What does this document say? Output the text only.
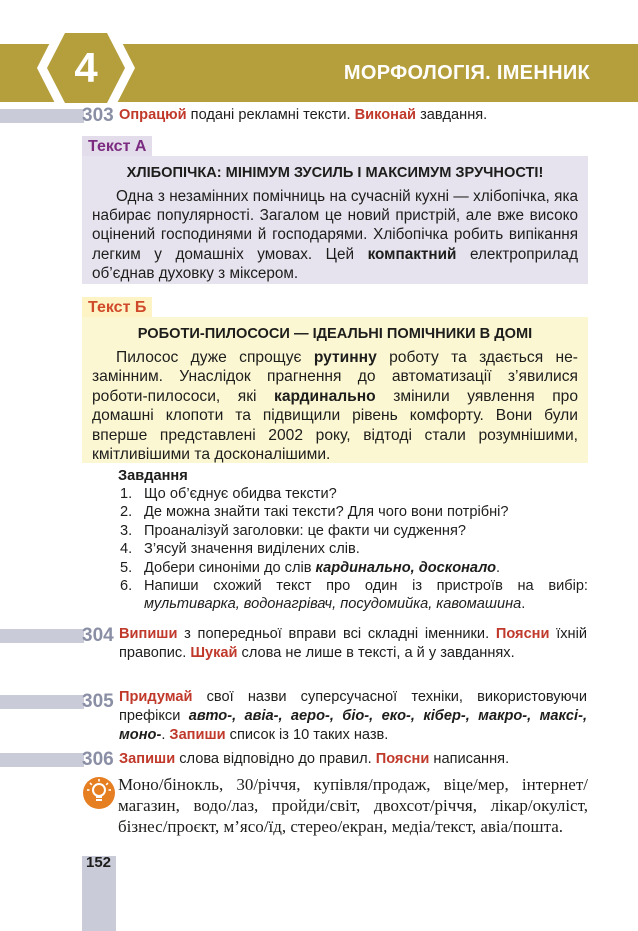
4	МОРФОЛОГІЯ. ІМЕННИК
303 Опрацюй подані рекламні тексти. Виконай завдання.
Текст А
ХЛІБОПІЧКА: МІНІМУМ ЗУСИЛЬ І МАКСИМУМ ЗРУЧНОСТІ!
Одна з незамінних помічниць на сучасній кухні — хлібопічка, яка набирає популярності. Загалом це новий пристрій, але вже високо оцінений господинями й господарями. Хлібопічка робить випікання легким у домашніх умовах. Цей компактний електроприлад об’єднав духовку з міксером.
Текст Б
РОБОТИ-ПИЛОСОСИ — ІДЕАЛЬНІ ПОМІЧНИКИ В ДОМІ
Пилосос дуже спрощує рутинну роботу та здається незамінним. Унаслідок прагнення до автоматизації з’явилися роботи-пилососи, які кардинально змінили уявлення про домашні клопоти та підвищили рівень комфорту. Вони були вперше представлені 2002 року, відтоді стали розумнішими, кмітливішими та досконалішими.
Завдання
1. Що об’єднує обидва тексти?
2. Де можна знайти такі тексти? Для чого вони потрібні?
3. Проаналізуй заголовки: це факти чи судження?
4. З’ясуй значення виділених слів.
5. Добери синоніми до слів кардинально, досконало.
6. Напиши схожий текст про один із пристроїв на вибір: мультиварка, водонагрівач, посудомийка, кавомашина.
304 Випиши з попередньої вправи всі складні іменники. Поясни їхній правопис. Шукай слова не лише в тексті, а й у завданнях.
305 Придумай свої назви суперсучасної техніки, використовуючи префікси авто-, авіа-, аеро-, біо-, еко-, кібер-, макро-, максі-, моно-. Запиши список із 10 таких назв.
306 Запиши слова відповідно до правил. Поясни написання.
Моно/бінокль, 30/річчя, купівля/продаж, віце/мер, інтернет/магазин, водо/лаз, пройди/світ, двохсот/річчя, лікар/окуліст, бізнес/проєкт, м’ясо/їд, стерео/екран, медіа/текст, авіа/пошта.
152
